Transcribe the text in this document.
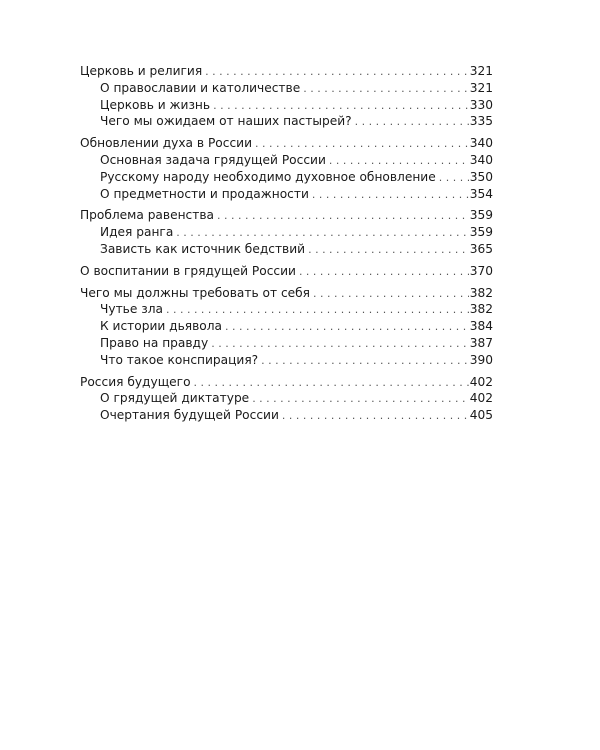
Церковь и религия . . .	321
О православии и католичестве . . .	321
Церковь и жизнь . . .	330
Чего мы ожидаем от наших пастырей? . . .	335
Обновлении духа в России . . .	340
Основная задача грядущей России . . .	340
Русскому народу необходимо духовное обновление . . .	350
О предметности и продажности . . .	354
Проблема равенства . . .	359
Идея ранга . . .	359
Зависть как источник бедствий . . .	365
О воспитании в грядущей России . . .	370
Чего мы должны требовать от себя . . .	382
Чутье зла . . .	382
К истории дьявола . . .	384
Право на правду . . .	387
Что такое конспирация? . . .	390
Россия будущего . . .	402
О грядущей диктатуре . . .	402
Очертания будущей России . . .	405
